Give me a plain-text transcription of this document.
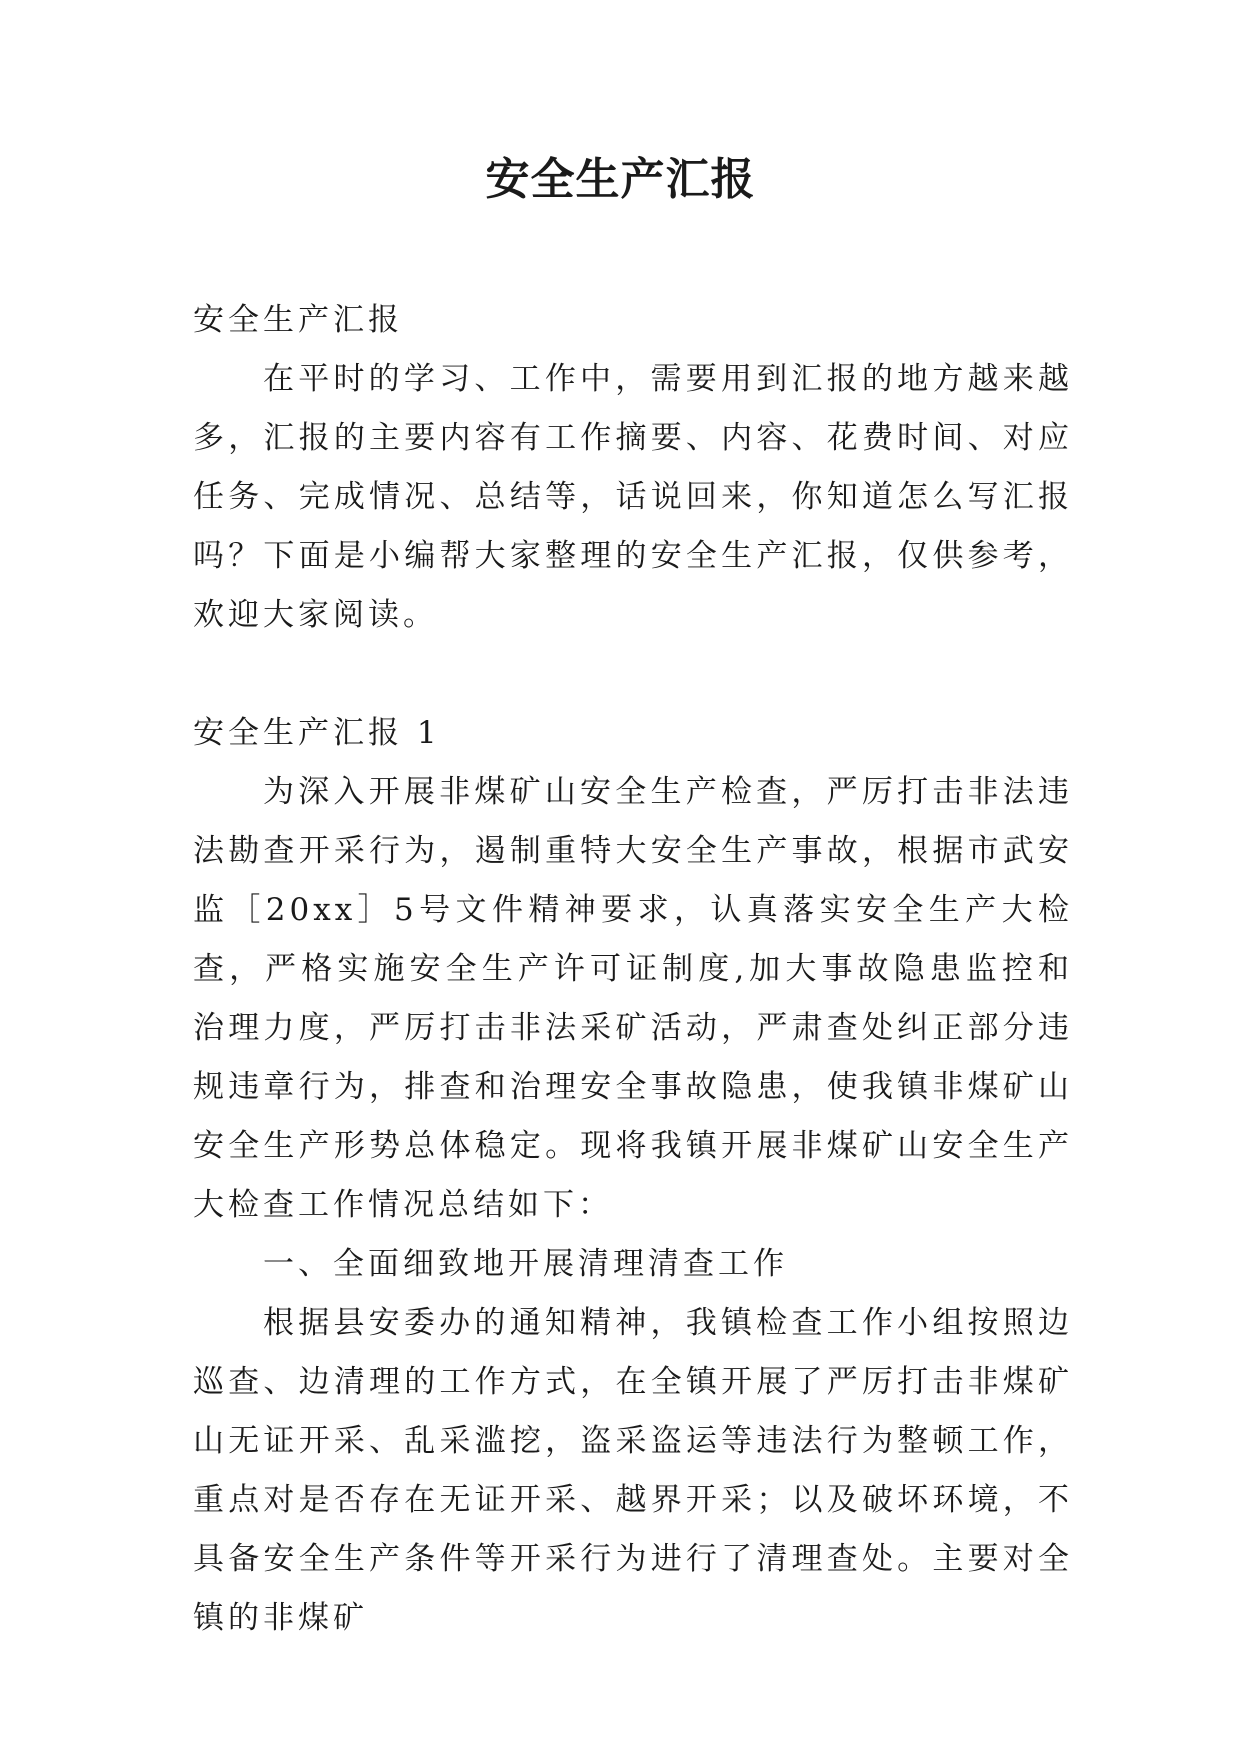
安全生产汇报

安全生产汇报

在平时的学习、工作中，需要用到汇报的地方越来越多，汇报的主要内容有工作摘要、内容、花费时间、对应任务、完成情况、总结等，话说回来，你知道怎么写汇报吗？下面是小编帮大家整理的安全生产汇报，仅供参考，欢迎大家阅读。

安全生产汇报 1

为深入开展非煤矿山安全生产检查，严厉打击非法违法勘查开采行为，遏制重特大安全生产事故，根据市武安监［20xx］5号文件精神要求，认真落实安全生产大检查，严格实施安全生产许可证制度,加大事故隐患监控和治理力度，严厉打击非法采矿活动，严肃查处纠正部分违规违章行为，排查和治理安全事故隐患，使我镇非煤矿山安全生产形势总体稳定。现将我镇开展非煤矿山安全生产大检查工作情况总结如下：

一、全面细致地开展清理清查工作

根据县安委办的通知精神，我镇检查工作小组按照边巡查、边清理的工作方式，在全镇开展了严厉打击非煤矿山无证开采、乱采滥挖，盗采盗运等违法行为整顿工作，重点对是否存在无证开采、越界开采；以及破坏环境，不具备安全生产条件等开采行为进行了清理查处。主要对全镇的非煤矿
